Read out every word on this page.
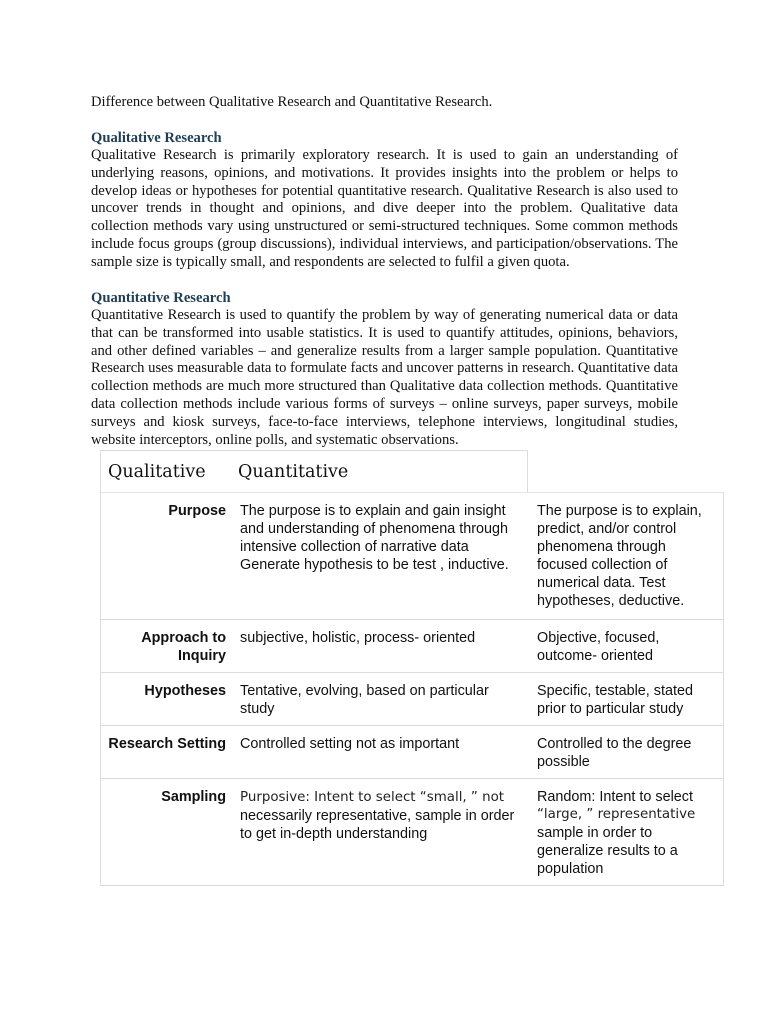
Difference between Qualitative Research and Quantitative Research.
Qualitative Research

Qualitative Research is primarily exploratory research. It is used to gain an understanding of underlying reasons, opinions, and motivations. It provides insights into the problem or helps to develop ideas or hypotheses for potential quantitative research. Qualitative Research is also used to uncover trends in thought and opinions, and dive deeper into the problem. Qualitative data collection methods vary using unstructured or semi-structured techniques. Some common methods include focus groups (group discussions), individual interviews, and participation/observations. The sample size is typically small, and respondents are selected to fulfil a given quota.

Quantitative Research

Quantitative Research is used to quantify the problem by way of generating numerical data or data that can be transformed into usable statistics. It is used to quantify attitudes, opinions, behaviors, and other defined variables – and generalize results from a larger sample population. Quantitative Research uses measurable data to formulate facts and uncover patterns in research. Quantitative data collection methods are much more structured than Qualitative data collection methods. Quantitative data collection methods include various forms of surveys – online surveys, paper surveys, mobile surveys and kiosk surveys, face-to-face interviews, telephone interviews, longitudinal studies, website interceptors, online polls, and systematic observations.

Qualitative Quantitative
Purpose The purpose is to explain and gain insight and understanding of phenomena through intensive collection of narrative data Generate hypothesis to be test , inductive.
The purpose is to explain, predict, and/or control phenomena through focused collection of numerical data. Test hypotheses, deductive.
Approach to Inquiry
subjective, holistic, process- oriented	Objective, focused, outcome- oriented
Hypotheses Tentative, evolving, based on particular study
Specific, testable, stated prior to particular study
Research Setting Controlled setting not as important	Controlled to the degree possible
Sampling Purposive: Intent to select “small, ” not necessarily representative, sample in order to get in-depth understanding
Random: Intent to select
“large, ” representative
sample in order to generalize results to a population
